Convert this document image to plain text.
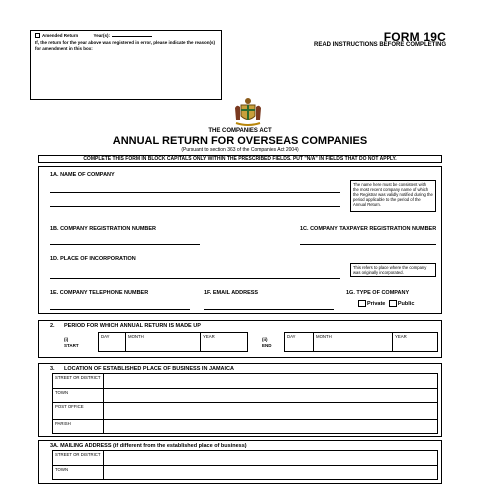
Amended Return	Year(s):
If, the return for the year above was registered in error, please indicate the reason(s) for amendment in this box:
FORM 19C
READ INSTRUCTIONS BEFORE COMPLETING
THE COMPANIES ACT
ANNUAL RETURN FOR OVERSEAS COMPANIES
(Pursuant to section 363 of the Companies Act 2004)
COMPLETE THIS FORM IN BLOCK CAPITALS ONLY WITHIN THE PRESCRIBED FIELDS. PUT "N/A" IN FIELDS THAT DO NOT APPLY.
1A. NAME OF COMPANY
The name here must be consistent with the most recent company name of which the Registrar was validly notified during the period applicable to the period of the Annual Return.
1B. COMPANY REGISTRATION NUMBER	1C. COMPANY TAXPAYER REGISTRATION NUMBER
1D. PLACE OF INCORPORATION
This refers to place where the company was originally incorporated.
1E. COMPANY TELEPHONE NUMBER	1F. EMAIL ADDRESS	1G. TYPE OF COMPANY
Private Public
2. PERIOD FOR WHICH ANNUAL RETURN IS MADE UP
(i)
START
DAY	MONTH	YEAR
(ii)
END
DAY	MONTH	YEAR
3. LOCATION OF ESTABLISHED PLACE OF BUSINESS IN JAMAICA
STREET OR DISTRICT
TOWN
POST OFFICE
PARISH
3A. MAILING ADDRESS (if different from the established place of business)
STREET OR DISTRICT
TOWN
